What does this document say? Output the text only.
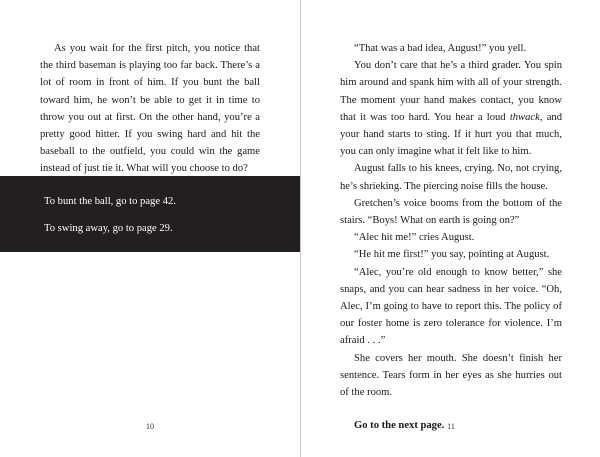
As you wait for the first pitch, you notice that the third baseman is playing too far back. There’s a lot of room in front of him. If you bunt the ball toward him, he won’t be able to get it in time to throw you out at first. On the other hand, you’re a pretty good hitter. If you swing hard and hit the baseball to the outfield, you could win the game instead of just tie it. What will you choose to do?

To bunt the ball, go to page 42.

To swing away, go to page 29.

10

“That was a bad idea, August!” you yell.

You don’t care that he’s a third grader. You spin him around and spank him with all of your strength. The moment your hand makes contact, you know that it was too hard. You hear a loud thwack, and your hand starts to sting. If it hurt you that much, you can only imagine what it felt like to him.

August falls to his knees, crying. No, not crying, he’s shrieking. The piercing noise fills the house.

Gretchen’s voice booms from the bottom of the stairs. “Boys! What on earth is going on?”

“Alec hit me!” cries August.

“He hit me first!” you say, pointing at August.

“Alec, you’re old enough to know better,” she snaps, and you can hear sadness in her voice. “Oh, Alec, I’m going to have to report this. The policy of our foster home is zero tolerance for violence. I’m afraid . . .”

She covers her mouth. She doesn’t finish her sentence. Tears form in her eyes as she hurries out of the room.

Go to the next page. 11
